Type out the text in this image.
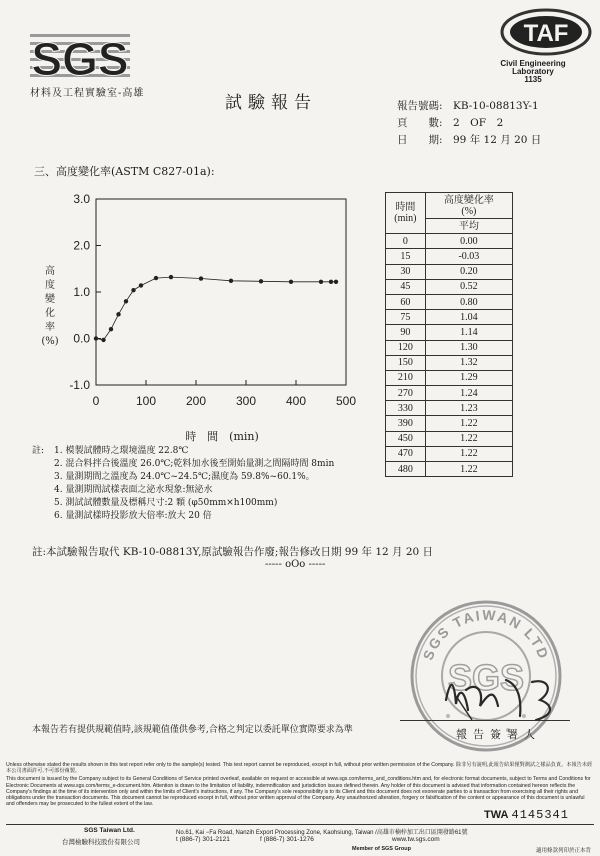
SGS
材料及工程實驗室-高雄
TAF
Civil Engineering
Laboratory
1135
試驗報告	報告號碼: KB-10-08813Y-1
頁　　數: 2　OF　2
日　　期: 99 年 12 月 20 日
三、高度變化率(ASTM C827-01a):
高
度
變
化
率
(%)
-1.0
0.0
1.0
2.0
3.0
0	100 200 300 400 500
時　間　(min)
時間
(min)	高度變化率
(%)
	平均
0	0.00
15	-0.03
30	0.20
45	0.52
60	0.80
75	1.04
90	1.14
120	1.30
150	1.32
210	1.29
270	1.24
330	1.23
390	1.22
450	1.22
470	1.22
480	1.22
註:	1. 模製試體時之環境溫度 22.8℃
2. 混合料拌合後溫度 26.0℃;乾料加水後至開始量測之間隔時間 8min
3. 量測期間之溫度為 24.0℃~24.5℃;濕度為 59.8%~60.1%。
4. 量測期間試樣表面之泌水現象:無泌水
5. 測試試體數量及標稱尺寸:2 顆 (φ50mm×h100mm)
6. 量測試樣時投影放大倍率:放大 20 倍
註:本試驗報告取代 KB-10-08813Y,原試驗報告作廢;報告修改日期 99 年 12 月 20 日
----- oOo -----
SGS TAIWAN LTD
SGS
本報告若有提供規範值時,該規範值僅供參考,合格之判定以委託單位實際要求為準	報告簽署人

Unless otherwise stated the results shown in this test report refer only to the sample(s) tested. This test report cannot be reproduced, except in full, without prior written permission of the Company. 除非另有說明,此報告結果僅對測試之樣品負責。本報告未經本公司書面許可,不可部份複製。

This document is issued by the Company subject to its General Conditions of Service printed overleaf, available on request or accessible at www.sgs.com/terms_and_conditions.htm and, for electronic format documents, subject to Terms and Conditions for Electronic Documents at www.sgs.com/terms_e-document.htm. Attention is drawn to the limitation of liability, indemnification and jurisdiction issues defined therein. Any holder of this document is advised that information contained hereon reflects the Company's findings at the time of its intervention only and within the limits of Client's instructions, if any. The Company's sole responsibility is to its Client and this document does not exonerate parties to a transaction from exercising all their rights and obligations under the transaction documents. This document cannot be reproduced except in full, without prior written approval of the Company. Any unauthorized alteration, forgery or falsification of the content or appearance of this document is unlawful and offenders may be prosecuted to the fullest extent of the law.

TWA 4145341
SGS Taiwan Ltd.
台灣檢驗科技股份有限公司
No.61, Kai −Fa Road, Nanzih Export Processing Zone, Kaohsiung, Taiwan /高雄市楠梓加工出口區開發路61號
t (886-7) 301-2121	f (886-7) 301-1276	www.tw.sgs.com
Member of SGS Group	適用條款列印於正本背
